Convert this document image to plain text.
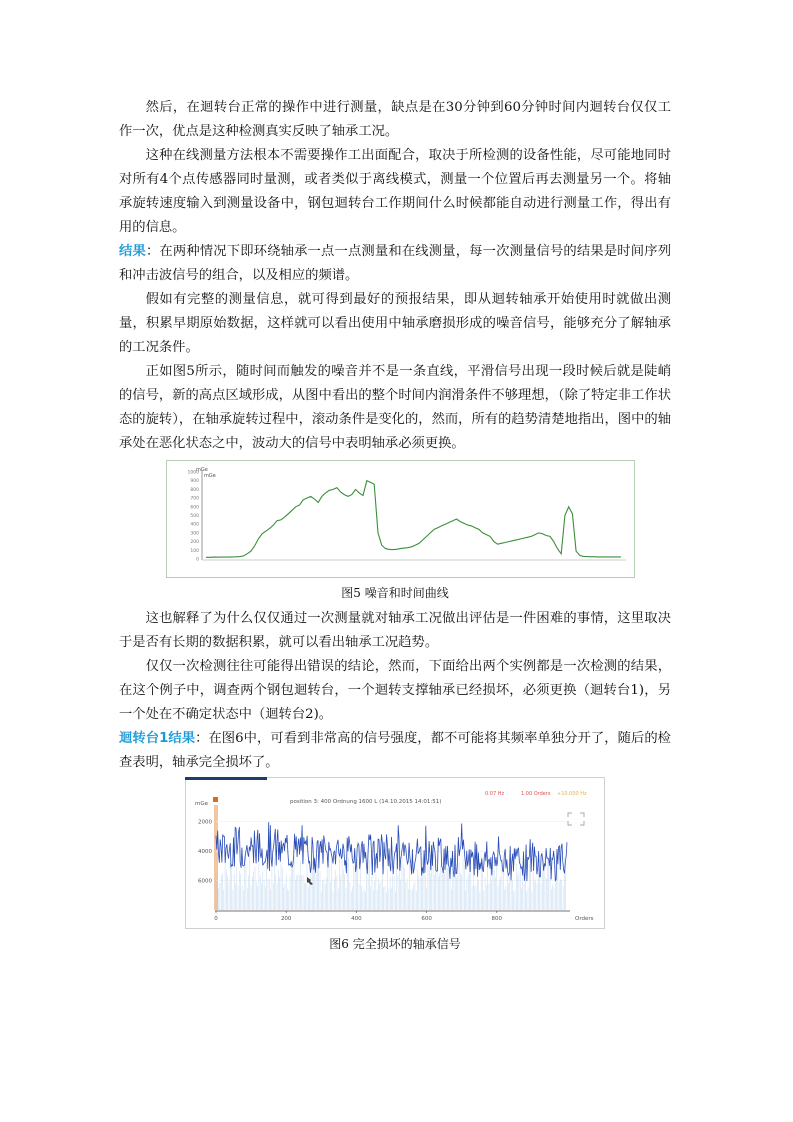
然后，在迴转台正常的操作中进行测量，缺点是在30分钟到60分钟时间内迴转台仅仅工作一次，优点是这种检测真实反映了轴承工况。

这种在线测量方法根本不需要操作工出面配合，取决于所检测的设备性能，尽可能地同时对所有4个点传感器同时量测，或者类似于离线模式，测量一个位置后再去测量另一个。将轴承旋转速度输入到测量设备中，钢包迴转台工作期间什么时候都能自动进行测量工作，得出有用的信息。

结果：在两种情况下即环绕轴承一点一点测量和在线测量，每一次测量信号的结果是时间序列和冲击波信号的组合，以及相应的频谱。

假如有完整的测量信息，就可得到最好的预报结果，即从迴转轴承开始使用时就做出测量，积累早期原始数据，这样就可以看出使用中轴承磨损形成的噪音信号，能够充分了解轴承的工况条件。

正如图5所示，随时间而触发的噪音并不是一条直线，平滑信号出现一段时候后就是陡峭的信号，新的高点区域形成，从图中看出的整个时间内润滑条件不够理想，（除了特定非工作状态的旋转），在轴承旋转过程中，滚动条件是变化的，然而，所有的趋势清楚地指出，图中的轴承处在恶化状态之中，波动大的信号中表明轴承必须更换。

1000
900
800
700
600
500
400
300
200
100
0
mGe
mGe
图5 噪音和时间曲线

这也解释了为什么仅仅通过一次测量就对轴承工况做出评估是一件困难的事情，这里取决于是否有长期的数据积累，就可以看出轴承工况趋势。

仅仅一次检测往往可能得出错误的结论，然而，下面给出两个实例都是一次检测的结果，在这个例子中，调查两个钢包迴转台，一个迴转支撑轴承已经损坏，必须更换（迴转台1)，另一个处在不确定状态中（迴转台2)。

迴转台1结果：在图6中，可看到非常高的信号强度，都不可能将其频率单独分开了，随后的检查表明，轴承完全损坏了。

mGe	position 3: 400 Ordnung 1600 L (14.10.2015 14:01:51)
0.07 Hz	1.00 Orders +10.000 Hz
0	200	400	600	800
6000
4000
2000
Orders
图6 完全损坏的轴承信号
